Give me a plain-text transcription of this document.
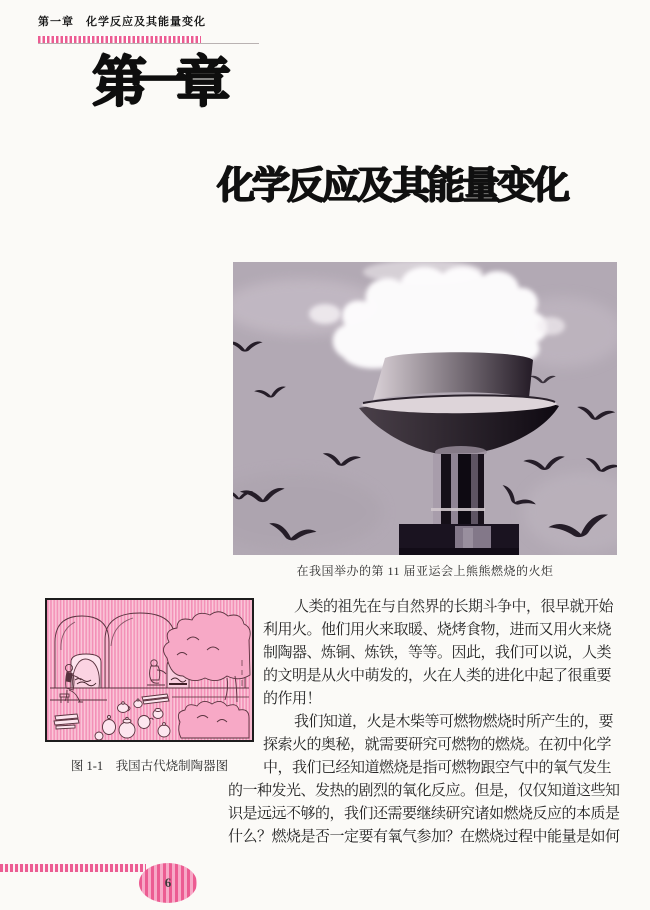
第一章 化学反应及其能量变化
第一章
化学反应及其能量变化
在我国举办的第 11 届亚运会上熊熊燃烧的火炬
图 1-1　我国古代烧制陶器图
人类的祖先在与自然界的长期斗争中，很早就开始
利用火。他们用火来取暖、烧烤食物，进而又用火来烧
制陶器、炼铜、炼铁，等等。因此，我们可以说，人类
的文明是从火中萌发的，火在人类的进化中起了很重要
的作用！
我们知道，火是木柴等可燃物燃烧时所产生的，要
探索火的奥秘，就需要研究可燃物的燃烧。在初中化学
中，我们已经知道燃烧是指可燃物跟空气中的氧气发生
的一种发光、发热的剧烈的氧化反应。但是，仅仅知道这些知
识是远远不够的，我们还需要继续研究诸如燃烧反应的本质是
什么？燃烧是否一定要有氧气参加？在燃烧过程中能量是如何
6
